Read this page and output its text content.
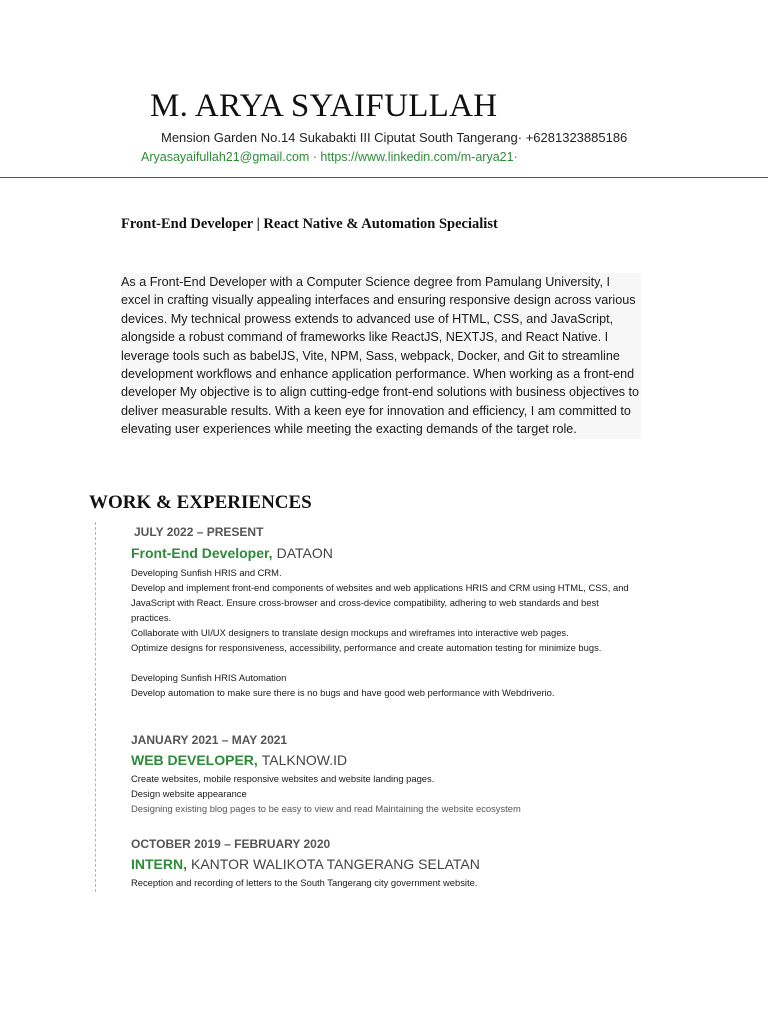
M. ARYA SYAIFULLAH
Mension Garden No.14 Sukabakti III Ciputat South Tangerang· +6281323885186
Aryasayaifullah21@gmail.com · https://www.linkedin.com/m-arya21·
Front-End Developer | React Native & Automation Specialist
As a Front-End Developer with a Computer Science degree from Pamulang University, I excel in crafting visually appealing interfaces and ensuring responsive design across various devices. My technical prowess extends to advanced use of HTML, CSS, and JavaScript, alongside a robust command of frameworks like ReactJS, NEXTJS, and React Native. I leverage tools such as babelJS, Vite, NPM, Sass, webpack, Docker, and Git to streamline development workflows and enhance application performance. When working as a front-end developer My objective is to align cutting-edge front-end solutions with business objectives to deliver measurable results. With a keen eye for innovation and efficiency, I am committed to elevating user experiences while meeting the exacting demands of the target role.
WORK & EXPERIENCES
JULY 2022 – PRESENT
Front-End Developer, DATAON
Developing Sunfish HRIS and CRM.
Develop and implement front-end components of websites and web applications HRIS and CRM using HTML, CSS, and JavaScript with React. Ensure cross-browser and cross-device compatibility, adhering to web standards and best practices.
Collaborate with UI/UX designers to translate design mockups and wireframes into interactive web pages.
Optimize designs for responsiveness, accessibility, performance and create automation testing for minimize bugs.
Developing Sunfish HRIS Automation
Develop automation to make sure there is no bugs and have good web performance with Webdriverio.
JANUARY 2021 – MAY 2021
WEB DEVELOPER, TALKNOW.ID
Create websites, mobile responsive websites and website landing pages.
Design website appearance
Designing existing blog pages to be easy to view and read Maintaining the website ecosystem
OCTOBER 2019 – FEBRUARY 2020
INTERN, KANTOR WALIKOTA TANGERANG SELATAN
Reception and recording of letters to the South Tangerang city government website.
